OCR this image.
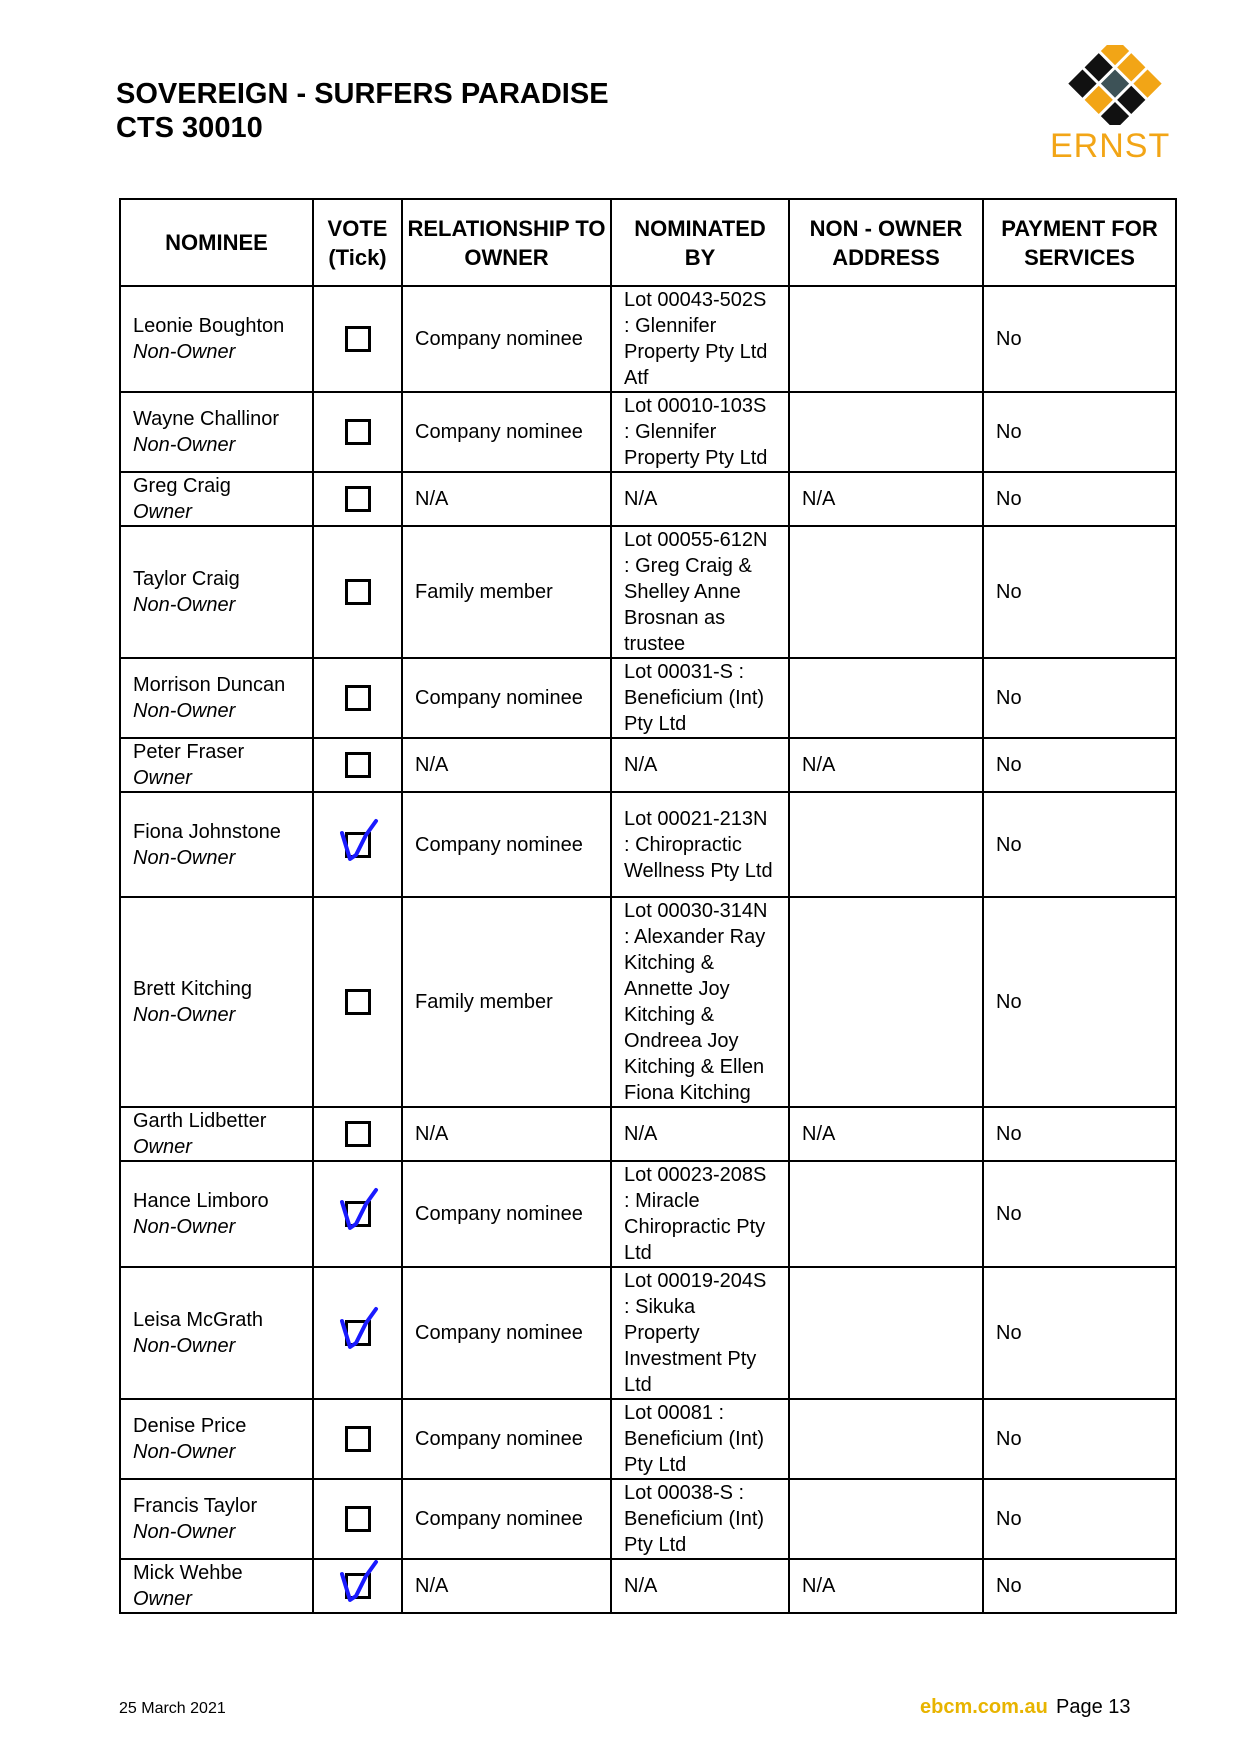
SOVEREIGN - SURFERS PARADISE
CTS 30010	ERNST
NOMINEE	VOTE (Tick)	RELATIONSHIP TO OWNER	NOMINATED BY	NON - OWNER ADDRESS	PAYMENT FOR SERVICES

Leonie Boughton
Non-Owner		Company nominee	Lot 00043-502S : Glennifer Property Pty Ltd Atf		No

Wayne Challinor
Non-Owner		Company nominee	Lot 00010-103S : Glennifer Property Pty Ltd		No

Greg Craig
Owner		N/A	N/A	N/A	No

Taylor Craig
Non-Owner		Family member	Lot 00055-612N : Greg Craig & Shelley Anne Brosnan as trustee		No

Morrison Duncan
Non-Owner		Company nominee	Lot 00031-S : Beneficium (Int) Pty Ltd		No

Peter Fraser
Owner		N/A	N/A	N/A	No

Fiona Johnstone
Non-Owner		Company nominee	Lot 00021-213N : Chiropractic Wellness Pty Ltd		No

Brett Kitching
Non-Owner		Family member	Lot 00030-314N : Alexander Ray Kitching & Annette Joy Kitching & Ondreea Joy Kitching & Ellen Fiona Kitching		No

Garth Lidbetter
Owner		N/A	N/A	N/A	No

Hance Limboro
Non-Owner		Company nominee	Lot 00023-208S : Miracle Chiropractic Pty Ltd		No

Leisa McGrath
Non-Owner		Company nominee	Lot 00019-204S : Sikuka Property Investment Pty Ltd		No

Denise Price
Non-Owner		Company nominee	Lot 00081 : Beneficium (Int) Pty Ltd		No

Francis Taylor
Non-Owner		Company nominee	Lot 00038-S : Beneficium (Int) Pty Ltd		No

Mick Wehbe
Owner		N/A	N/A	N/A	No
25 March 2021	ebcm.com.au Page 13
